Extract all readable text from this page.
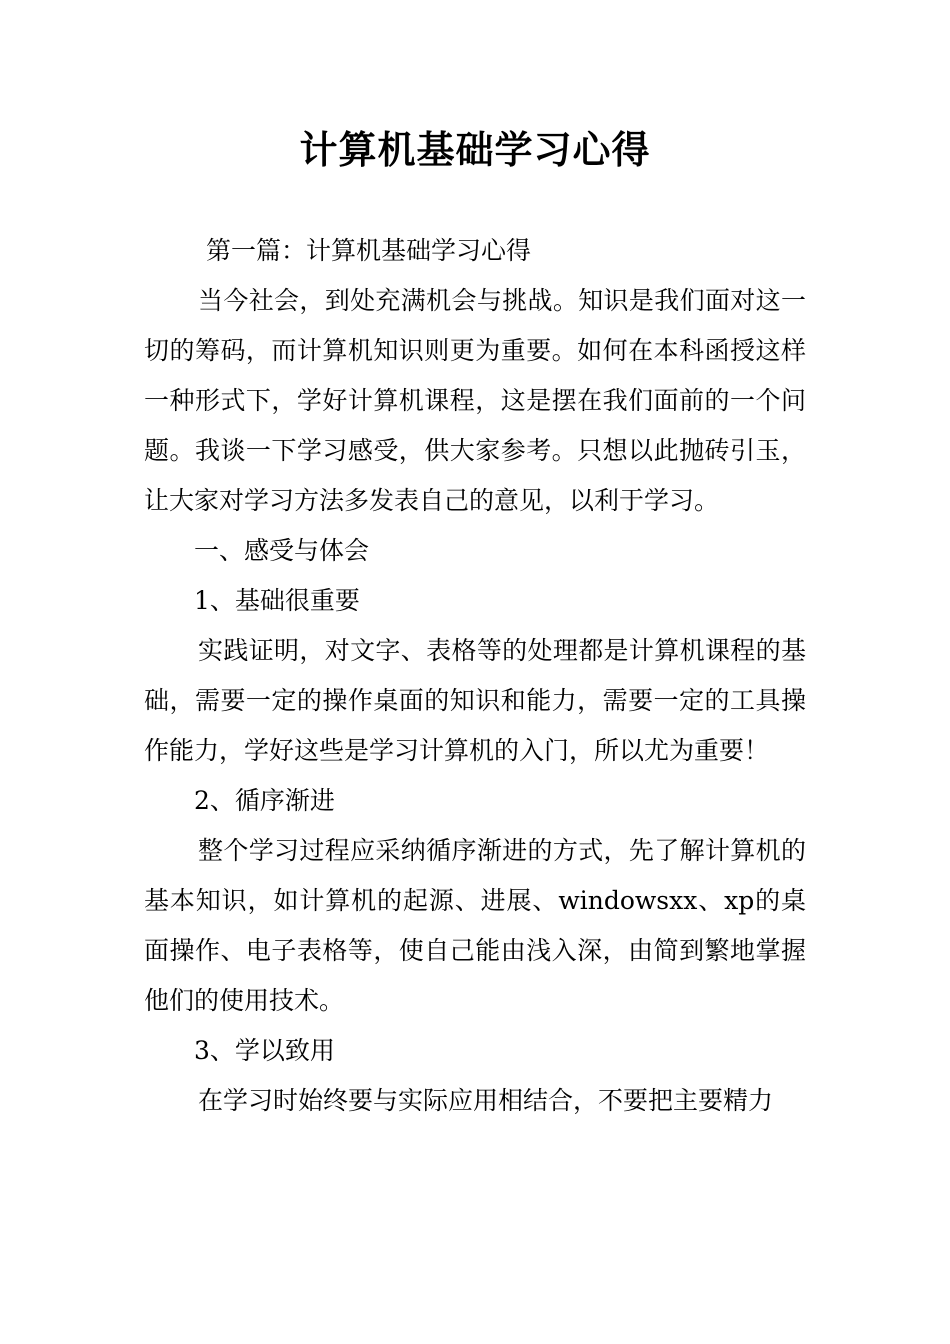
计算机基础学习心得

第一篇：计算机基础学习心得

当今社会，到处充满机会与挑战。知识是我们面对这一切的筹码，而计算机知识则更为重要。如何在本科函授这样一种形式下，学好计算机课程，这是摆在我们面前的一个问题。我谈一下学习感受，供大家参考。只想以此抛砖引玉，让大家对学习方法多发表自己的意见，以利于学习。

一、感受与体会

1、基础很重要

实践证明，对文字、表格等的处理都是计算机课程的基础，需要一定的操作桌面的知识和能力，需要一定的工具操作能力，学好这些是学习计算机的入门，所以尤为重要！

2、循序渐进

整个学习过程应采纳循序渐进的方式，先了解计算机的基本知识，如计算机的起源、进展、windowsxx、xp的桌面操作、电子表格等，使自己能由浅入深，由简到繁地掌握他们的使用技术。

3、学以致用

在学习时始终要与实际应用相结合，不要把主要精力
